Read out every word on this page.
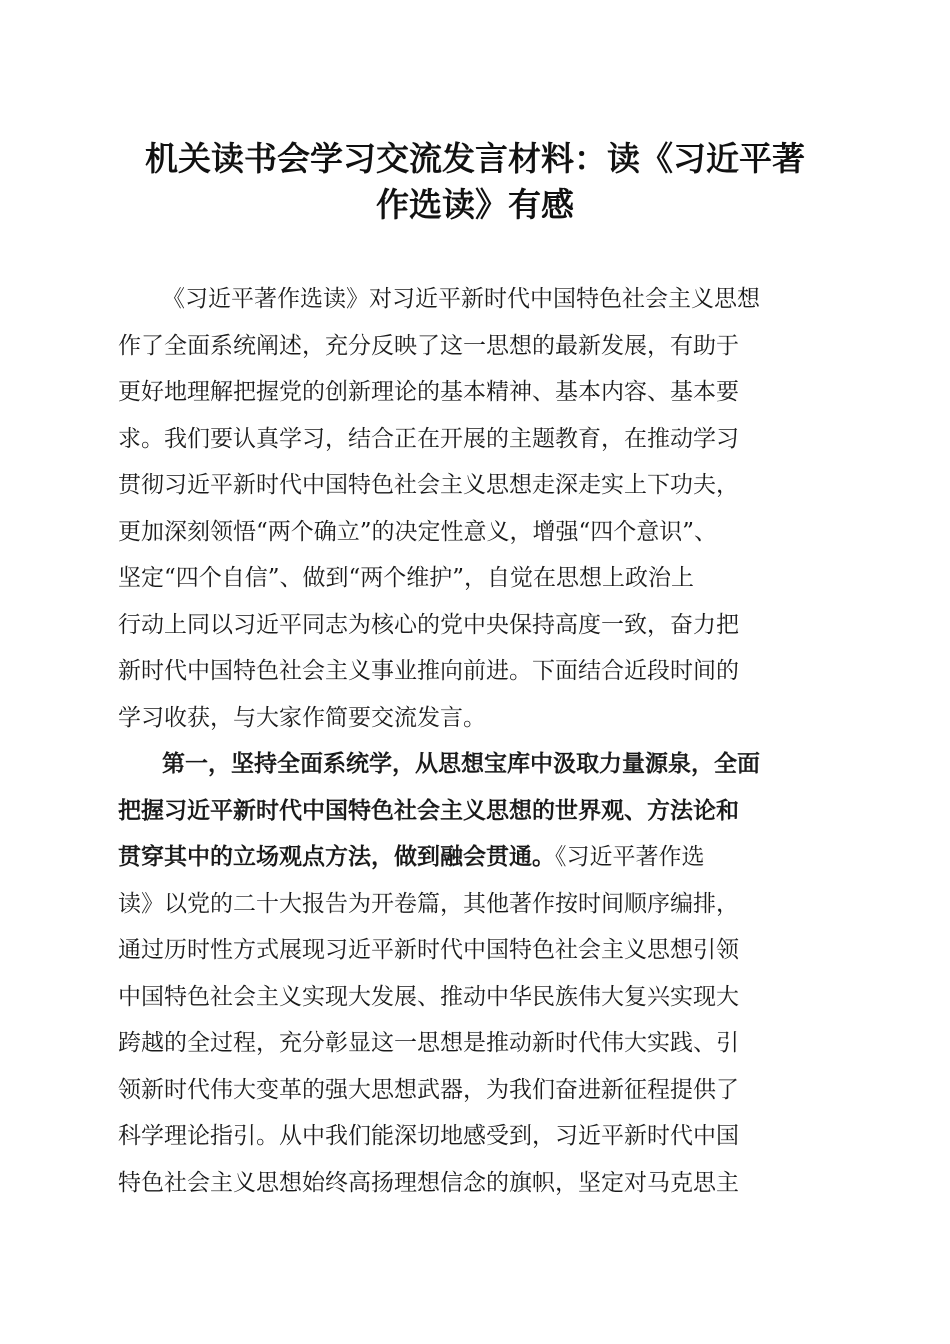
机关读书会学习交流发言材料：读《习近平著
作选读》有感
《习近平著作选读》对习近平新时代中国特色社会主义思想
作了全面系统阐述，充分反映了这一思想的最新发展，有助于
更好地理解把握党的创新理论的基本精神、基本内容、基本要
求。我们要认真学习，结合正在开展的主题教育，在推动学习
贯彻习近平新时代中国特色社会主义思想走深走实上下功夫，
更加深刻领悟“两个确立”的决定性意义，增强“四个意识”、
坚定“四个自信”、做到“两个维护”，自觉在思想上政治上
行动上同以习近平同志为核心的党中央保持高度一致，奋力把
新时代中国特色社会主义事业推向前进。下面结合近段时间的
学习收获，与大家作简要交流发言。
第一，坚持全面系统学，从思想宝库中汲取力量源泉，全面
把握习近平新时代中国特色社会主义思想的世界观、方法论和
贯穿其中的立场观点方法，做到融会贯通。《习近平著作选
读》以党的二十大报告为开卷篇，其他著作按时间顺序编排，
通过历时性方式展现习近平新时代中国特色社会主义思想引领
中国特色社会主义实现大发展、推动中华民族伟大复兴实现大
跨越的全过程，充分彰显这一思想是推动新时代伟大实践、引
领新时代伟大变革的强大思想武器，为我们奋进新征程提供了
科学理论指引。从中我们能深切地感受到，习近平新时代中国
特色社会主义思想始终高扬理想信念的旗帜，坚定对马克思主
